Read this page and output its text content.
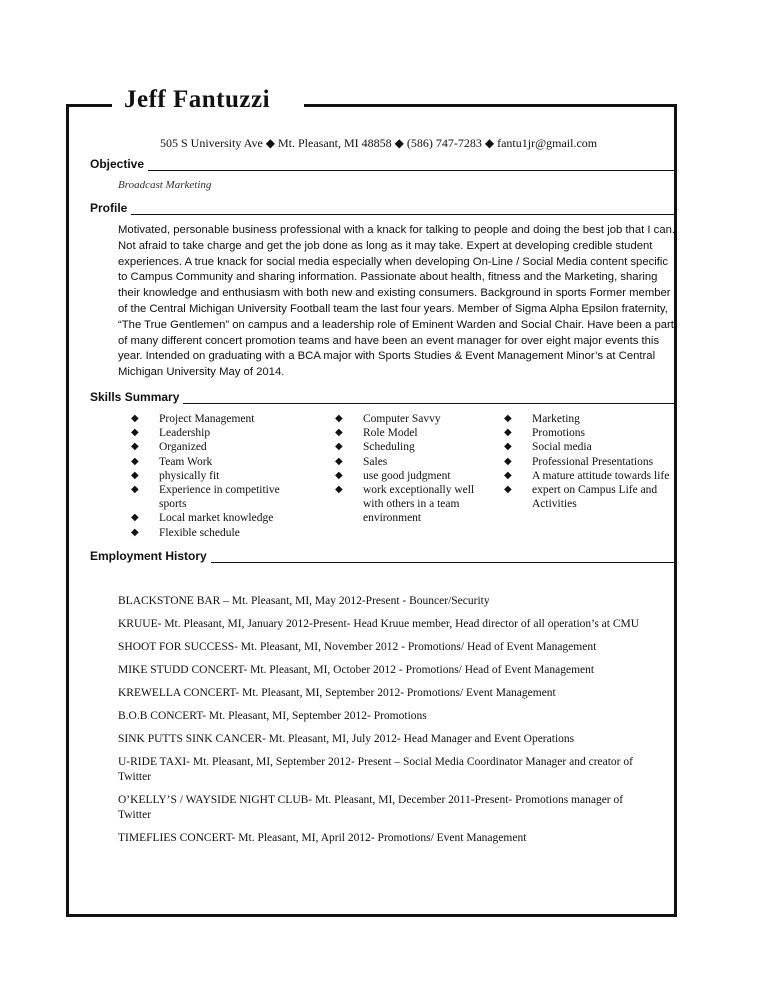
Jeff Fantuzzi
505 S University Ave ◆ Mt. Pleasant, MI 48858 ◆ (586) 747-7283 ◆ fantu1jr@gmail.com
Objective
Broadcast Marketing
Profile
Motivated, personable business professional with a knack for talking to people and doing the best job that I can. Not afraid to take charge and get the job done as long as it may take. Expert at developing credible student experiences. A true knack for social media especially when developing On-Line / Social Media content specific to Campus Community and sharing information. Passionate about health, fitness and the Marketing, sharing their knowledge and enthusiasm with both new and existing consumers. Background in sports Former member of the Central Michigan University Football team the last four years. Member of Sigma Alpha Epsilon fraternity, “The True Gentlemen” on campus and a leadership role of Eminent Warden and Social Chair. Have been a part of many different concert promotion teams and have been an event manager for over eight major events this year. Intended on graduating with a BCA major with Sports Studies & Event Management Minor’s at Central Michigan University May of 2014.
Skills Summary
◆ Project Management
◆ Leadership
◆ Organized
◆ Team Work
◆ physically fit
◆ Experience in competitive sports
◆ Local market knowledge
◆ Flexible schedule
◆ Computer Savvy
◆ Role Model
◆ Scheduling
◆ Sales
◆ use good judgment
◆ work exceptionally well with others in a team environment
◆ Marketing
◆ Promotions
◆ Social media
◆ Professional Presentations
◆ A mature attitude towards life
◆ expert on Campus Life and Activities
Employment History

BLACKSTONE BAR – Mt. Pleasant, MI, May 2012-Present - Bouncer/Security

KRUUE- Mt. Pleasant, MI, January 2012-Present- Head Kruue member, Head director of all operation’s at CMU

SHOOT FOR SUCCESS- Mt. Pleasant, MI, November 2012 - Promotions/ Head of Event Management

MIKE STUDD CONCERT- Mt. Pleasant, MI, October 2012 - Promotions/ Head of Event Management

KREWELLA CONCERT- Mt. Pleasant, MI, September 2012- Promotions/ Event Management

B.O.B CONCERT- Mt. Pleasant, MI, September 2012- Promotions

SINK PUTTS SINK CANCER- Mt. Pleasant, MI, July 2012- Head Manager and Event Operations

U-RIDE TAXI- Mt. Pleasant, MI, September 2012- Present – Social Media Coordinator Manager and creator of Twitter

O’KELLY’S / WAYSIDE NIGHT CLUB- Mt. Pleasant, MI, December 2011-Present- Promotions manager of Twitter

TIMEFLIES CONCERT- Mt. Pleasant, MI, April 2012- Promotions/ Event Management
